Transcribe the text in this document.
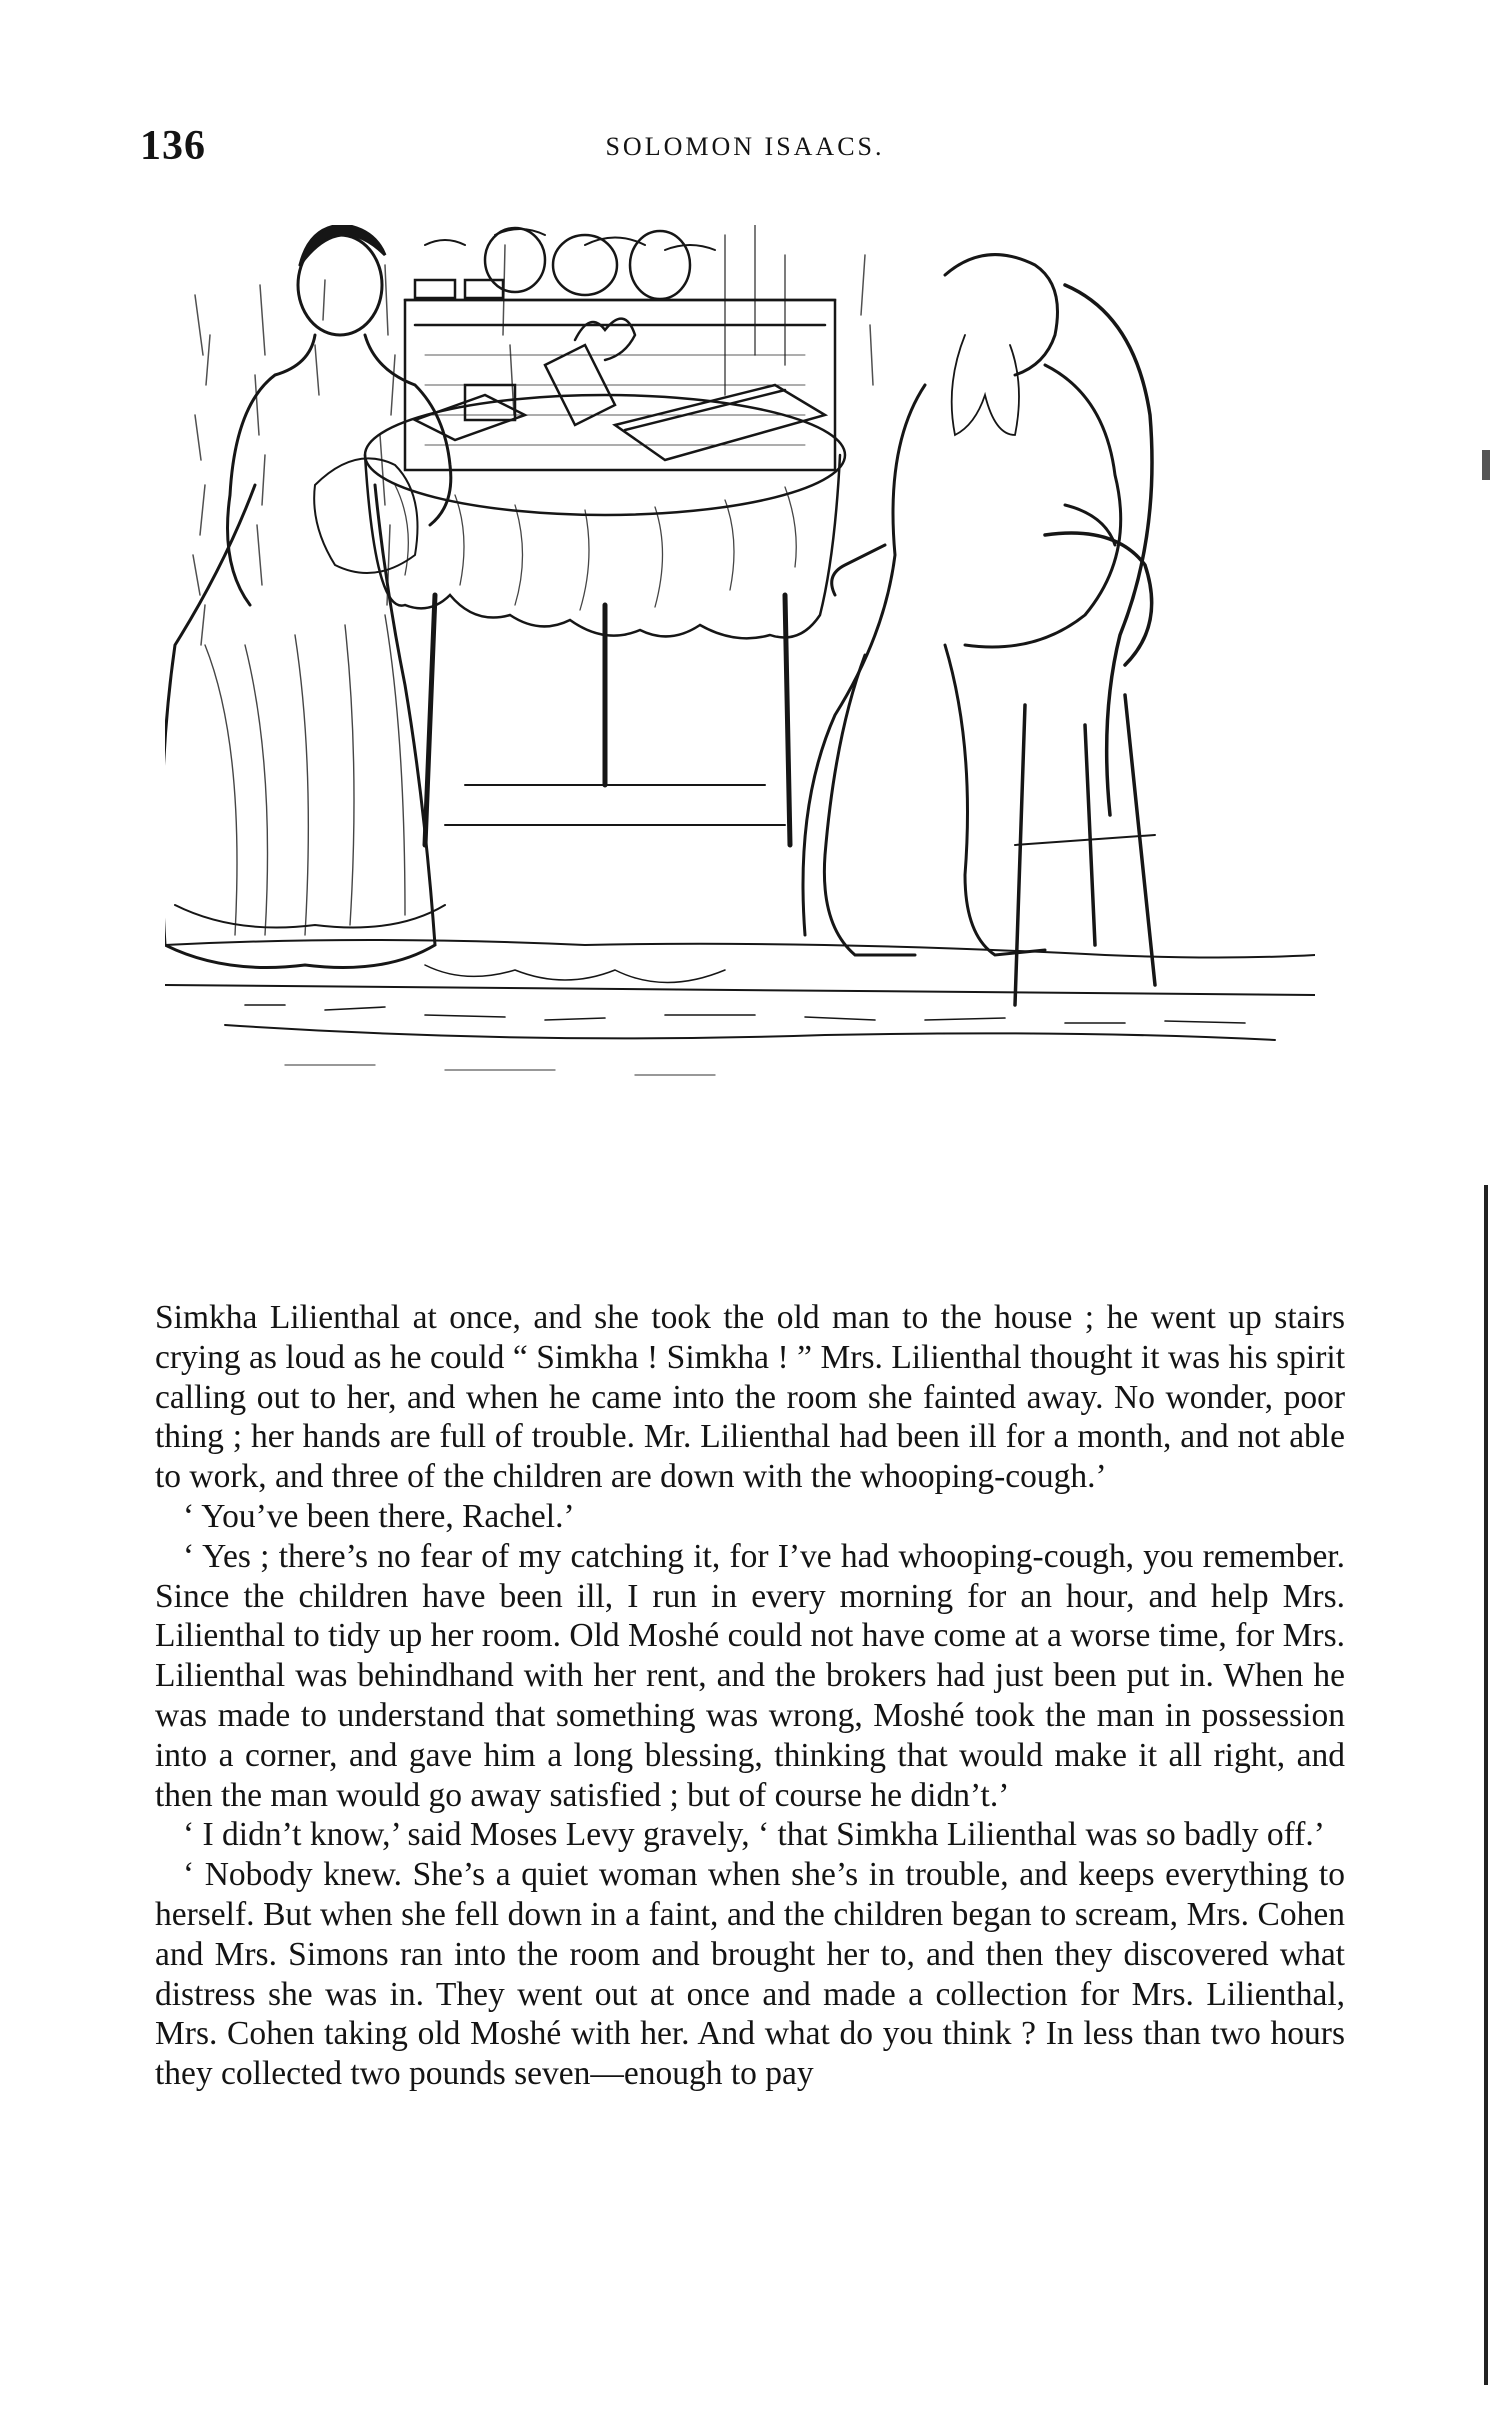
136	SOLOMON ISAACS.

Simkha Lilienthal at once, and she took the old man to the house ; he went up stairs crying as loud as he could “ Simkha ! Simkha ! ” Mrs. Lilienthal thought it was his spirit calling out to her, and when he came into the room she fainted away. No wonder, poor thing ; her hands are full of trouble. Mr. Lilienthal had been ill for a month, and not able to work, and three of the children are down with the whooping-cough.’

‘ You’ve been there, Rachel.’

‘ Yes ; there’s no fear of my catching it, for I’ve had whooping-cough, you remember. Since the children have been ill, I run in every morning for an hour, and help Mrs. Lilienthal to tidy up her room. Old Moshé could not have come at a worse time, for Mrs. Lilienthal was behindhand with her rent, and the brokers had just been put in. When he was made to understand that something was wrong, Moshé took the man in possession into a corner, and gave him a long blessing, thinking that would make it all right, and then the man would go away satisfied ; but of course he didn’t.’

‘ I didn’t know,’ said Moses Levy gravely, ‘ that Simkha Lilienthal was so badly off.’

‘ Nobody knew. She’s a quiet woman when she’s in trouble, and keeps everything to herself. But when she fell down in a faint, and the children began to scream, Mrs. Cohen and Mrs. Simons ran into the room and brought her to, and then they discovered what distress she was in. They went out at once and made a collection for Mrs. Lilienthal, Mrs. Cohen taking old Moshé with her. And what do you think ? In less than two hours they collected two pounds seven—enough to pay
